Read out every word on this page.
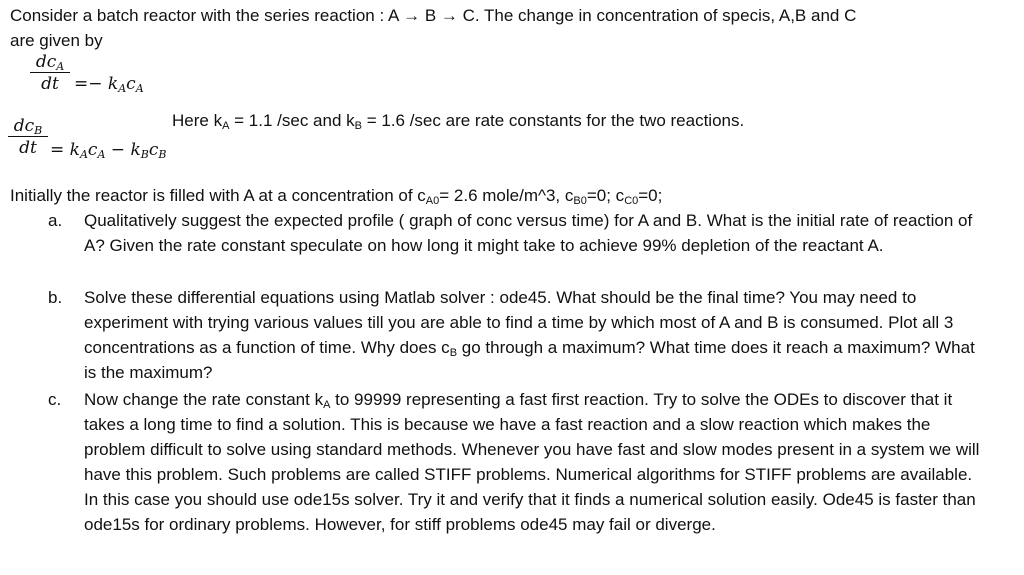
Consider a batch reactor with the series reaction : A → B → C. The change in concentration of specis, A,B and C
are given by
$dc_A$
dt =− $k_Ac_A$
$dc_B$
dt = $k_Ac_A - k_Bc_B$
Here $k_A = 1.1$ /sec and $k_B = 1.6$ /sec are rate constants for the two reactions.
Initially the reactor is filled with A at a concentration of $c_{A0}= 2.6$ mole/m^3, $c_{B0}=0$; $c_{C0}=0$;
a. Qualitatively suggest the expected profile ( graph of conc versus time) for A and B. What is the initial rate of reaction of A? Given the rate constant speculate on how long it might take to achieve 99% depletion of the reactant A.
b. Solve these differential equations using Matlab solver : ode45. What should be the final time? You may need to experiment with trying various values till you are able to find a time by which most of A and B is consumed. Plot all 3 concentrations as a function of time. Why does $c_B$ go through a maximum? What time does it reach a maximum? What is the maximum?
c. Now change the rate constant $k_A$ to 99999 representing a fast first reaction. Try to solve the ODEs to discover that it takes a long time to find a solution. This is because we have a fast reaction and a slow reaction which makes the problem difficult to solve using standard methods. Whenever you have fast and slow modes present in a system we will have this problem. Such problems are called STIFF problems. Numerical algorithms for STIFF problems are available. In this case you should use ode15s solver. Try it and verify that it finds a numerical solution easily. Ode45 is faster than ode15s for ordinary problems. However, for stiff problems ode45 may fail or diverge.
